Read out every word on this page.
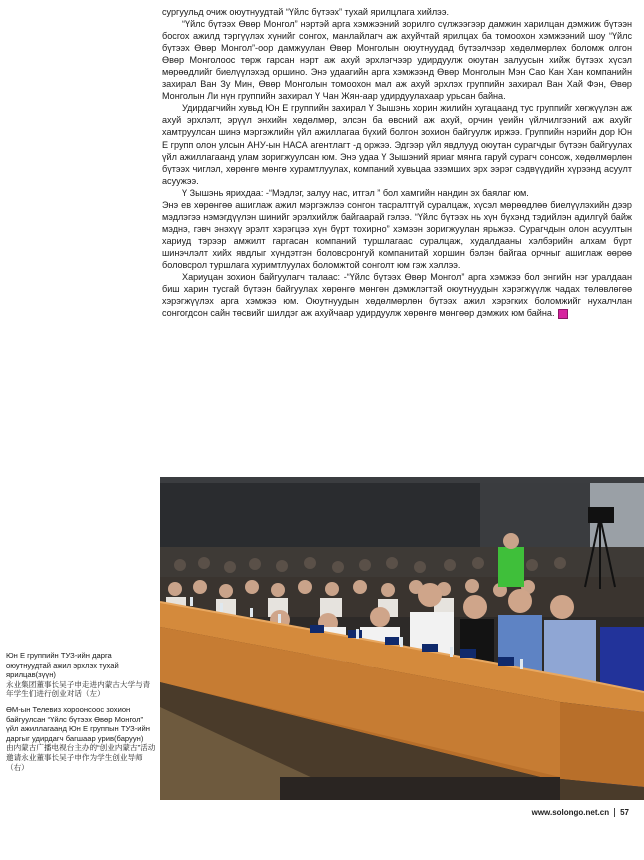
сургуульд очиж оюутнуудтай “Үйлс бүтээх” тухай ярилцлага хийлээ.

“Үйлс бүтээх Өвөр Монгол” нэртэй арга хэмжээний зорилго сүлжээгээр дамжин харилцан дэмжиж бүтээн босгох ажилд тэргүүлэх хүнийг сонгох, манлайлагч аж ахуйчтай ярилцах ба томоохон хэмжээний шоу “Үйлс бүтээх Өвөр Монгол”-оор дамжуулан Өвөр Монголын оюутнуудад бүтээлчээр хөдөлмөрлөх боломж олгон Өвөр Монголоос төрж гарсан нэрт аж ахуй эрхлэгчээр удирдуулж оюутан залуусын хийж бүтээх хүсэл мөрөөдлийг биелүүлэхэд оршино. Энэ удаагийн арга хэмжээнд Өвөр Монголын Мэн Сао Кан Хан компанийн захирал Ван Зу Мин, Өвөр Монголын томоохон мал аж ахуй эрхлэх группийн захирал Ван Хай Фэн, Өвөр Монголын Ли нүн группийн захирал Ү Чан Жян-аар удирдуулахаар урьсан байна.

Удирдагчийн хувьд Юн Е группийн захирал Ү Зышэнь хорин жилийн хугацаанд тус группийг хөгжүүлэн аж ахуй эрхлэлт, эрүүл энхийн хөдөлмөр, элсэн ба өвсний аж ахуй, орчин үеийн үйлчилгээний аж ахуйг хамтруулсан шинэ мэргэжлийн үйл ажиллагаа бүхий болгон зохион байгуулж иржээ. Группийн нэрийн дор Юн Е групп олон улсын АНУ-ын НАСА агентлагт -д оржээ. Эдгээр үйл явдлууд оюутан сурагчдыг бүтээн байгуулах үйл ажиллагаанд улам зоригжуулсан юм. Энэ удаа Ү Зышэний яриаг мянга гаруй сурагч сонсож, хөдөлмөрлөн бүтээх чиглэл, хөрөнгө мөнгө хурамтлуулах, компаний хувьцаа эзэмших эрх ээрэг сэдвүүдийн хүрээнд асуулт асуужээ.

Ү Зышэнь ярихдаа: -“Мэдлэг, залуу нас, итгэл ” бол хамгийн нандин эх баялаг юм.
Энэ ев хөрөнгөө ашиглаж ажил мэргэжлээ сонгон тасралтгүй суралцаж, хүсэл мөрөөдлөө биелүүлэхийн дээр мэдлэгээ нэмэгдүүлэн шинийг эрэлхийлж байгаарай гэлээ. “Үйлс бүтээх нь хүн бүхэнд тэдийлэн адилгүй байж мэднэ, гэвч энэхүү эрэлт хэрэгцээ хүн бүрт тохирно” хэмээн зоригжуулан ярьжээ. Сурагчдын олон асуултын хариуд тэрээр амжилт гаргасан компаний туршлагаас суралцаж, худалдааны хэлбэрийн алхам бүрт шинэчлэлт хийх явдлыг хүндэтгэн боловсронгуй компанитай хоршин бэлэн байгаа орчныг ашиглаж өөрөө боловсрол туршлага хуримтлуулах боломжтой сонголт юм гэж хэллээ.

Хариуцан зохион байгуулагч талаас: -“Үйлс бүтээх Өвөр Монгол” арга хэмжээ бол энгийн нэг уралдаан биш харин тусгай бүтээн байгуулах хөрөнгө мөнгөн дэмжлэгтэй оюутнуудын хэрэгжүүлж чадах төлөвлөгөө хэрэгжүүлэх арга хэмжээ юм. Оюутнуудын хөдөлмөрлөн бүтээх ажил хэрэгких боломжийг нухалчлан сонгогдсон сайн төсвийг шилдэг аж ахуйчаар удирдуулж хөрөнгө мөнгөөр дэмжих юм байна.

Юн Е группийн ТУЗ-ийн дарга оюутнуудтай ажил эрхлэх тухай ярилцав(зүүн)
永业集团董事长吴子申走进内蒙古大学与青年学生们进行创业对话（左）

ӨМ-ын Телевиз хороонсоос зохион байгуулсан “Үйлс бүтээх Өвөр Монгол” үйл ажиллагаанд Юн Е группын ТУЗ-ийн даргыг удирдагч багшаар урив(баруун)
由内蒙古广播电视台主办的“创业内蒙古”活动邀请永业董事长吴子申作为学生创业导师（右）

www.solongo.net.cn 57
